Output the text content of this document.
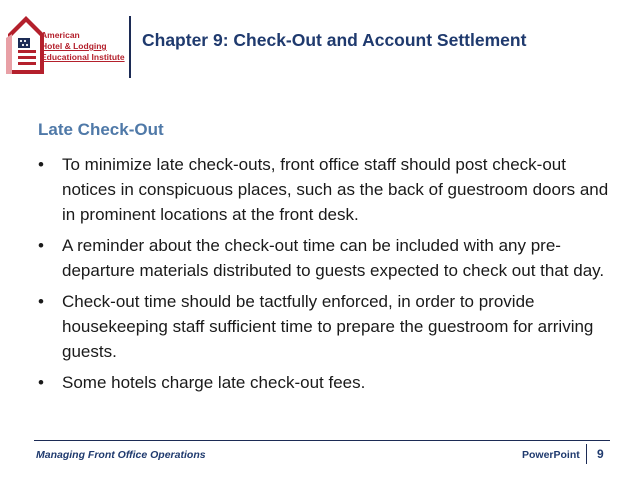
American
Hotel & Lodging
Educational Institute
Chapter 9: Check-Out and Account Settlement
Late Check-Out
• To minimize late check-outs, front office staff should post check-out notices in conspicuous places, such as the back of guestroom doors and in prominent locations at the front desk.
• A reminder about the check-out time can be included with any pre-departure materials distributed to guests expected to check out that day.
• Check-out time should be tactfully enforced, in order to provide housekeeping staff sufficient time to prepare the guestroom for arriving guests.
• Some hotels charge late check-out fees.
Managing Front Office Operations	PowerPoint 9
